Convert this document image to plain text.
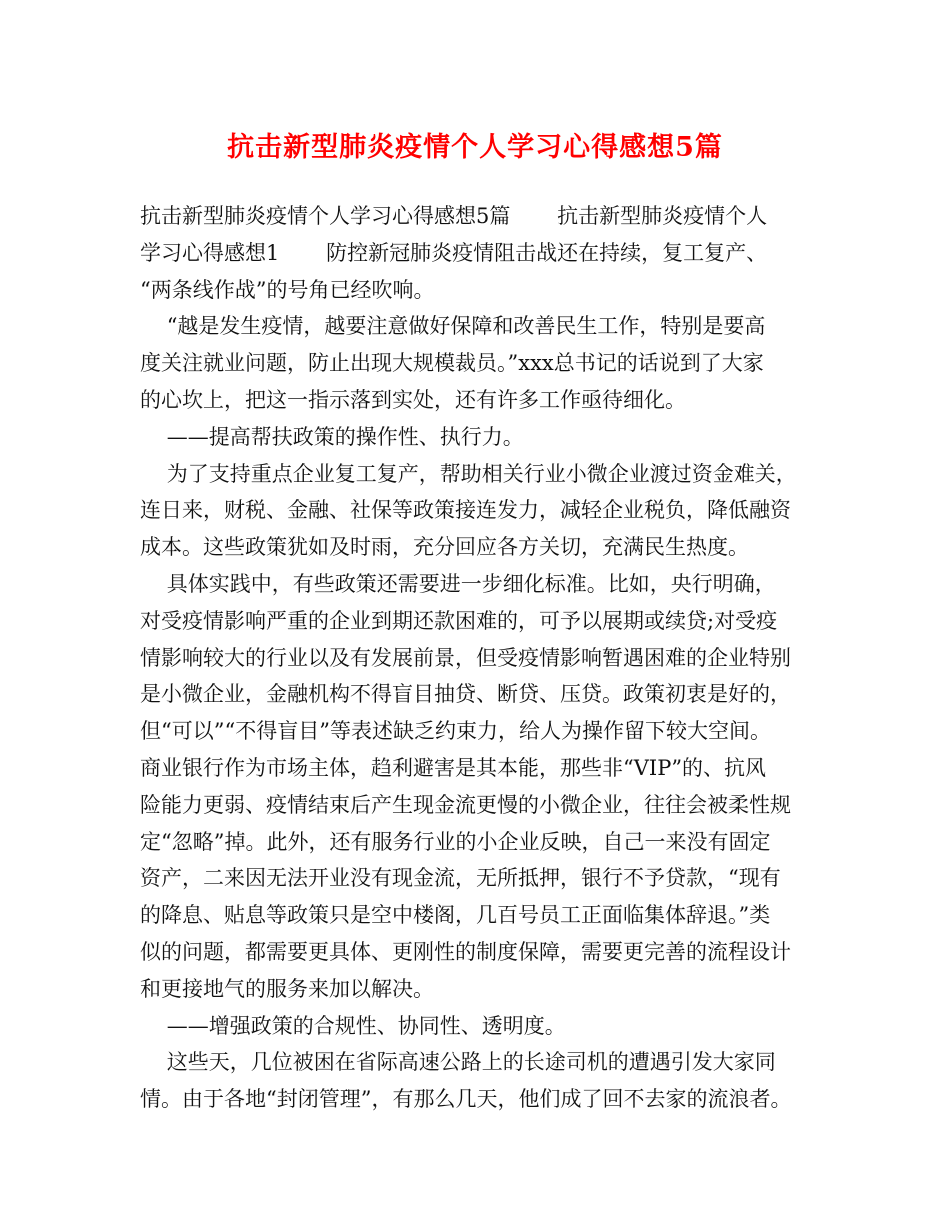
抗击新型肺炎疫情个人学习心得感想5篇
抗击新型肺炎疫情个人学习心得感想5篇       抗击新型肺炎疫情个人
学习心得感想1       防控新冠肺炎疫情阻击战还在持续，复工复产、
“两条线作战”的号角已经吹响。
“越是发生疫情，越要注意做好保障和改善民生工作，特别是要高
度关注就业问题，防止出现大规模裁员。”xxx总书记的话说到了大家
的心坎上，把这一指示落到实处，还有许多工作亟待细化。
——提高帮扶政策的操作性、执行力。
为了支持重点企业复工复产，帮助相关行业小微企业渡过资金难关，
连日来，财税、金融、社保等政策接连发力，减轻企业税负，降低融资
成本。这些政策犹如及时雨，充分回应各方关切，充满民生热度。
具体实践中，有些政策还需要进一步细化标准。比如，央行明确，
对受疫情影响严重的企业到期还款困难的，可予以展期或续贷;对受疫
情影响较大的行业以及有发展前景，但受疫情影响暂遇困难的企业特别
是小微企业，金融机构不得盲目抽贷、断贷、压贷。政策初衷是好的，
但“可以”“不得盲目”等表述缺乏约束力，给人为操作留下较大空间。
商业银行作为市场主体，趋利避害是其本能，那些非“VIP”的、抗风
险能力更弱、疫情结束后产生现金流更慢的小微企业，往往会被柔性规
定“忽略”掉。此外，还有服务行业的小企业反映，自己一来没有固定
资产，二来因无法开业没有现金流，无所抵押，银行不予贷款，“现有
的降息、贴息等政策只是空中楼阁，几百号员工正面临集体辞退。”类
似的问题，都需要更具体、更刚性的制度保障，需要更完善的流程设计
和更接地气的服务来加以解决。
——增强政策的合规性、协同性、透明度。
这些天，几位被困在省际高速公路上的长途司机的遭遇引发大家同
情。由于各地“封闭管理”，有那么几天，他们成了回不去家的流浪者。
